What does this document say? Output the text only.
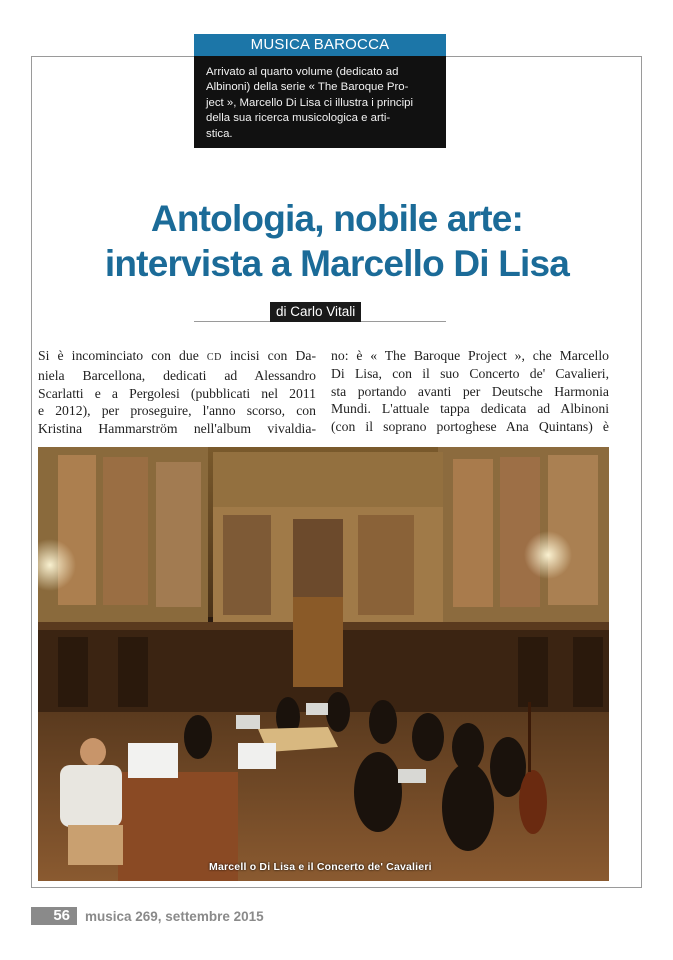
MUSICA BAROCCA
Arrivato al quarto volume (dedicato ad
Albinoni) della serie « The Baroque Pro-
ject », Marcello Di Lisa ci illustra i principi
della sua ricerca musicologica e arti-
stica.
Antologia, nobile arte:
intervista a Marcello Di Lisa
di Carlo Vitali
Si è incominciato con due CD incisi con Da-
niela Barcellona, dedicati ad Alessandro
Scarlatti e a Pergolesi (pubblicati nel 2011
e 2012), per proseguire, l'anno scorso, con
Kristina Hammarström nell'album vivaldia-
no: è « The Baroque Project », che Marcello
Di Lisa, con il suo Concerto de' Cavalieri,
sta portando avanti per Deutsche Harmonia
Mundi. L'attuale tappa dedicata ad Albinoni
(con il soprano portoghese Ana Quintans) è
Marcell o Di Lisa e il Concerto de' Cavalieri
56	musica 269, settembre 2015
